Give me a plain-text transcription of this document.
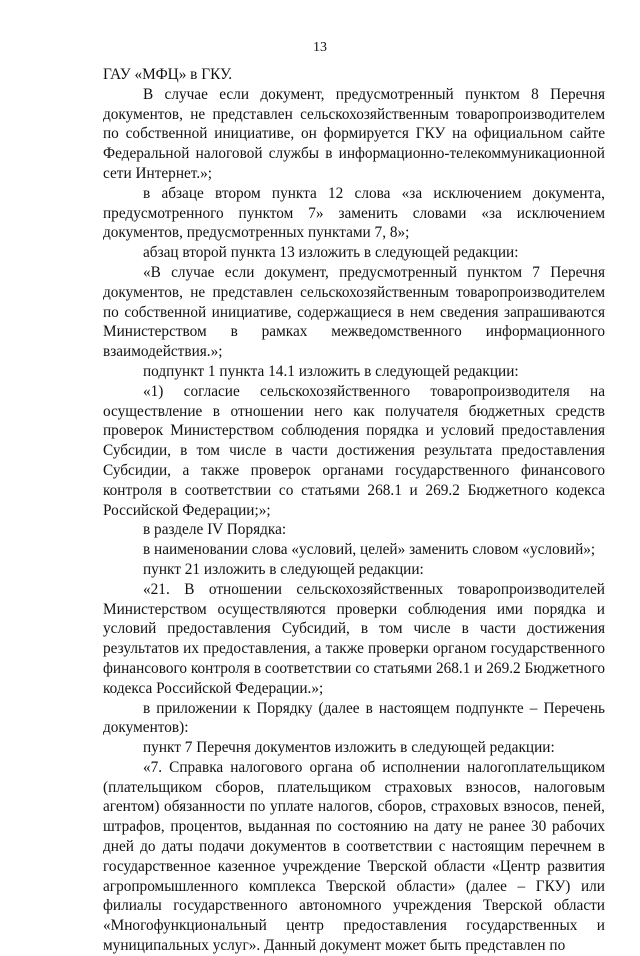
13

ГАУ «МФЦ» в ГКУ.

В случае если документ, предусмотренный пунктом 8 Перечня документов, не представлен сельскохозяйственным товаропроизводителем по собственной инициативе, он формируется ГКУ на официальном сайте Федеральной налоговой службы в информационно-телекоммуникационной сети Интернет.»;

в абзаце втором пункта 12 слова «за исключением документа, предусмотренного пунктом 7» заменить словами «за исключением документов, предусмотренных пунктами 7, 8»;

абзац второй пункта 13 изложить в следующей редакции:

«В случае если документ, предусмотренный пунктом 7 Перечня документов, не представлен сельскохозяйственным товаропроизводителем по собственной инициативе, содержащиеся в нем сведения запрашиваются Министерством в рамках межведомственного информационного взаимодействия.»;

подпункт 1 пункта 14.1 изложить в следующей редакции:

«1) согласие сельскохозяйственного товаропроизводителя на осуществление в отношении него как получателя бюджетных средств проверок Министерством соблюдения порядка и условий предоставления Субсидии, в том числе в части достижения результата предоставления Субсидии, а также проверок органами государственного финансового контроля в соответствии со статьями 268.1 и 269.2 Бюджетного кодекса Российской Федерации;»;

в разделе IV Порядка:

в наименовании слова «условий, целей» заменить словом «условий»;

пункт 21 изложить в следующей редакции:

«21. В отношении сельскохозяйственных товаропроизводителей Министерством осуществляются проверки соблюдения ими порядка и условий предоставления Субсидий, в том числе в части достижения результатов их предоставления, а также проверки органом государственного финансового контроля в соответствии со статьями 268.1 и 269.2 Бюджетного кодекса Российской Федерации.»;

в приложении к Порядку (далее в настоящем подпункте – Перечень документов):

пункт 7 Перечня документов изложить в следующей редакции:

«7. Справка налогового органа об исполнении налогоплательщиком (плательщиком сборов, плательщиком страховых взносов, налоговым агентом) обязанности по уплате налогов, сборов, страховых взносов, пеней, штрафов, процентов, выданная по состоянию на дату не ранее 30 рабочих дней до даты подачи документов в соответствии с настоящим перечнем в государственное казенное учреждение Тверской области «Центр развития агропромышленного комплекса Тверской области» (далее – ГКУ) или филиалы государственного автономного учреждения Тверской области «Многофункциональный центр предоставления государственных и муниципальных услуг». Данный документ может быть представлен по
